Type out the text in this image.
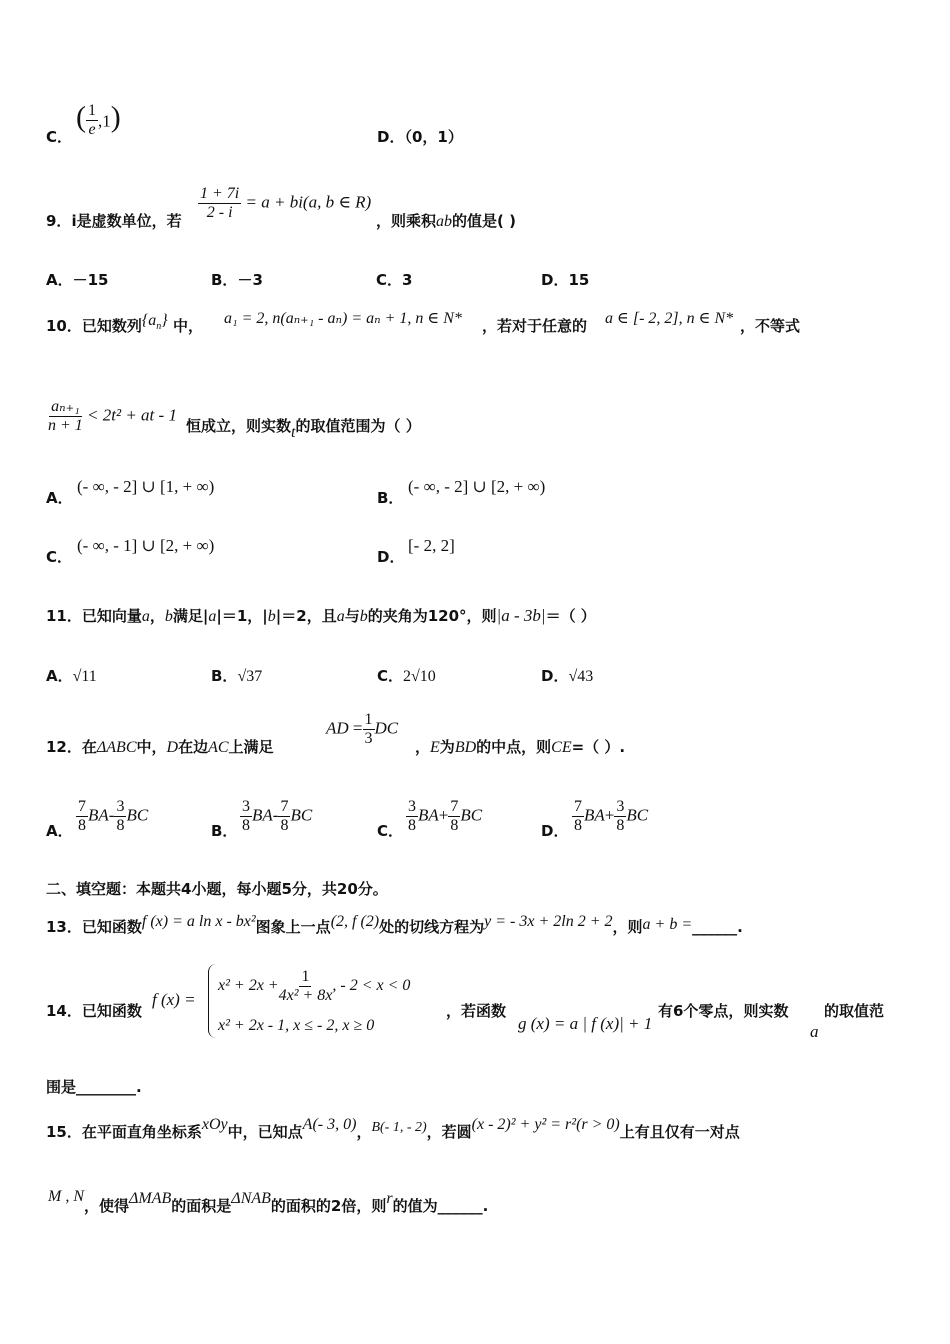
C．
( $\frac{1}{e} ,1$)
D．（0，1）
9．i是虚数单位，若 $\frac{1 + 7i}{2 - i} = a + bi(a$, b ∈ R)
，则乘积ab的值是( )
A．－15	B．－3	C．3	D．15
10．已知数列$\{a_n\}$ 中， a₁ = 2, n(aₙ₊₁ - aₙ) = aₙ + 1, n ∈ N* ，若对于任意的 a ∈ [- 2, 2], n ∈ N* ，不等式
$\frac{\text{aₙ₊₁}}{n + 1} < 2t^2$ + at - 1
恒成立，则实数t的取值范围为（ ）
A．
(- ∞, - 2] ∪ [1, + ∞)
B．
(- ∞, - 2] ∪ [2, + ∞)
C．
(- ∞, - 1] ∪ [2, + ∞)
D．
[- 2, 2]
11．已知向量a，b满足|a|＝1，|b|＝2，且a与b的夹角为120°，则|a - 3b|＝（ ）
A．√11	B．√37	C．2√10	D．√43
12．在ΔABC中，D在边AC上满足
AD = $\frac{1}{3}$ DC
，E为BD的中点，则CE=（ ）.
A． $\frac{7}{8} BA- \frac{3}{8}$ BC
B． $\frac{3}{8} BA- \frac{7}{8}$ BC
C． $\frac{3}{8} BA+ \frac{7}{8}$ BC
D． $\frac{7}{8} BA+ \frac{3}{8}$ BC
二、填空题：本题共4小题，每小题5分，共20分。
13．已知函数f (x) = a ln x - bx²图象上一点(2, f (2)处的切线方程为y = - 3x + 2ln 2 + 2，则a + b =______.
14．已知函数
f (x) =
$x^2 + 2x + \frac{1}{\text{4x² + 8x}}$ , - 2 < x < 0
x² + 2x - 1, x ≤ - 2, x ≥ 0
，若函数
g (x) = a | f (x)| + 1
有6个零点，则实数
a
的取值范
围是________.
15．在平面直角坐标系xOy中，已知点A(- 3, 0)，B(- 1, - 2)，若圆(x - 2)² + y² = r²(r > 0)上有且仅有一对点
M , N，使得ΔMAB的面积是ΔNAB的面积的2倍，则r的值为______.
